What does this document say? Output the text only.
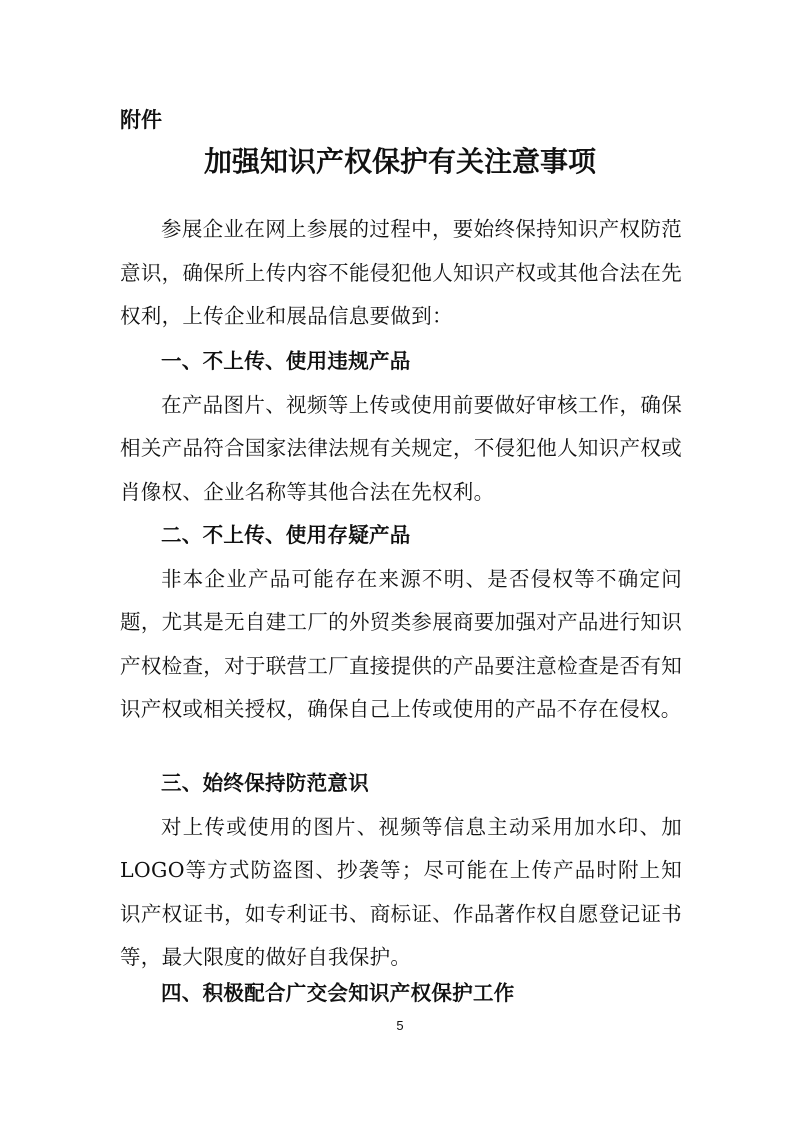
附件
加强知识产权保护有关注意事项

参展企业在网上参展的过程中，要始终保持知识产权防范意识，确保所上传内容不能侵犯他人知识产权或其他合法在先权利，上传企业和展品信息要做到：

一、不上传、使用违规产品

在产品图片、视频等上传或使用前要做好审核工作，确保相关产品符合国家法律法规有关规定，不侵犯他人知识产权或肖像权、企业名称等其他合法在先权利。

二、不上传、使用存疑产品

非本企业产品可能存在来源不明、是否侵权等不确定问题，尤其是无自建工厂的外贸类参展商要加强对产品进行知识产权检查，对于联营工厂直接提供的产品要注意检查是否有知识产权或相关授权，确保自己上传或使用的产品不存在侵权。

三、始终保持防范意识

对上传或使用的图片、视频等信息主动采用加水印、加LOGO等方式防盗图、抄袭等；尽可能在上传产品时附上知识产权证书，如专利证书、商标证、作品著作权自愿登记证书等，最大限度的做好自我保护。

四、积极配合广交会知识产权保护工作

5
